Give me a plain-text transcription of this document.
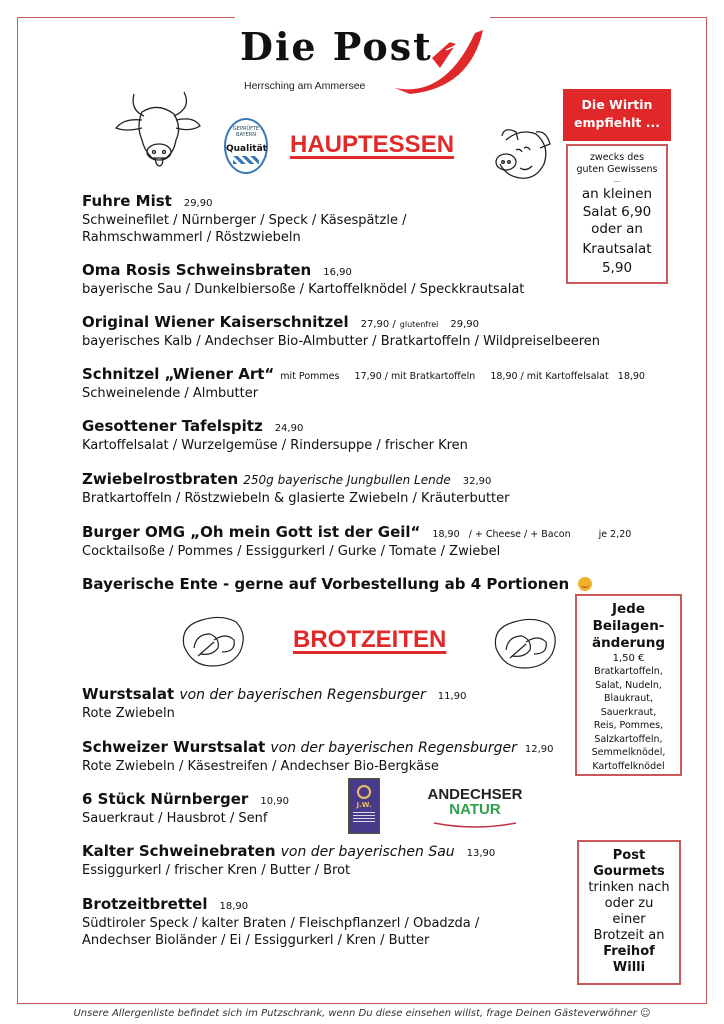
Die Post
Herrsching am Ammersee
GEPRÜFTE BAYERN
Qualität HAUPTESSEN
Die Wirtin
empfiehlt ...
zwecks des
guten Gewissens
...
an kleinen
Salat 6,90
oder an
Krautsalat
5,90
Fuhre Mist 29,90
Schweinefilet / Nürnberger / Speck / Käsespätzle /
Rahmschwammerl / Röstzwiebeln
Oma Rosis Schweinsbraten 16,90
bayerische Sau / Dunkelbiersoße / Kartoffelknödel / Speckkrautsalat
Original Wiener Kaiserschnitzel 27,90 / glutenfrei 29,90
bayerisches Kalb / Andechser Bio-Almbutter / Bratkartoffeln / Wildpreiselbeeren
Schnitzel „Wiener Art“ mit Pommes     17,90 / mit Bratkartoffeln     18,90 / mit Kartoffelsalat   18,90
Schweinelende / Almbutter
Gesottener Tafelspitz 24,90
Kartoffelsalat / Wurzelgemüse / Rindersuppe / frischer Kren
Zwiebelrostbraten 250g bayerische Jungbullen Lende 32,90
Bratkartoffeln / Röstzwiebeln & glasierte Zwiebeln / Kräuterbutter
Burger OMG „Oh mein Gott ist der Geil“ 18,90   / + Cheese / + Bacon	je 2,20
Cocktailsoße / Pommes / Essiggurkerl / Gurke / Tomate / Zwiebel
Bayerische Ente - gerne auf Vorbestellung ab 4 Portionen
BROTZEITEN
Jede
Beilagen-
änderung
1,50 €
Bratkartoffeln,
Salat, Nudeln,
Blaukraut,
Sauerkraut,
Reis, Pommes,
Salzkartoffeln,
Semmelknödel,
Kartoffelknödel
Wurstsalat von der bayerischen Regensburger 11,90
Rote Zwiebeln
Schweizer Wurstsalat von der bayerischen Regensburger 12,90
Rote Zwiebeln / Käsestreifen / Andechser Bio-Bergkäse
6 Stück Nürnberger 10,90
Sauerkraut / Hausbrot / Senf
J.W.
ANDECHSER
NATUR
Kalter Schweinebraten von der bayerischen Sau 13,90
Essiggurkerl / frischer Kren / Butter / Brot
Brotzeitbrettel 18,90
Südtiroler Speck / kalter Braten / Fleischpflanzerl / Obadzda /
Andechser Bioländer / Ei / Essiggurkerl / Kren / Butter
Post
Gourmets
trinken nach
oder zu
einer
Brotzeit an
Freihof
Willi
Unsere Allergenliste befindet sich im Putzschrank, wenn Du diese einsehen willst, frage Deinen Gästeverwöhner ☺
